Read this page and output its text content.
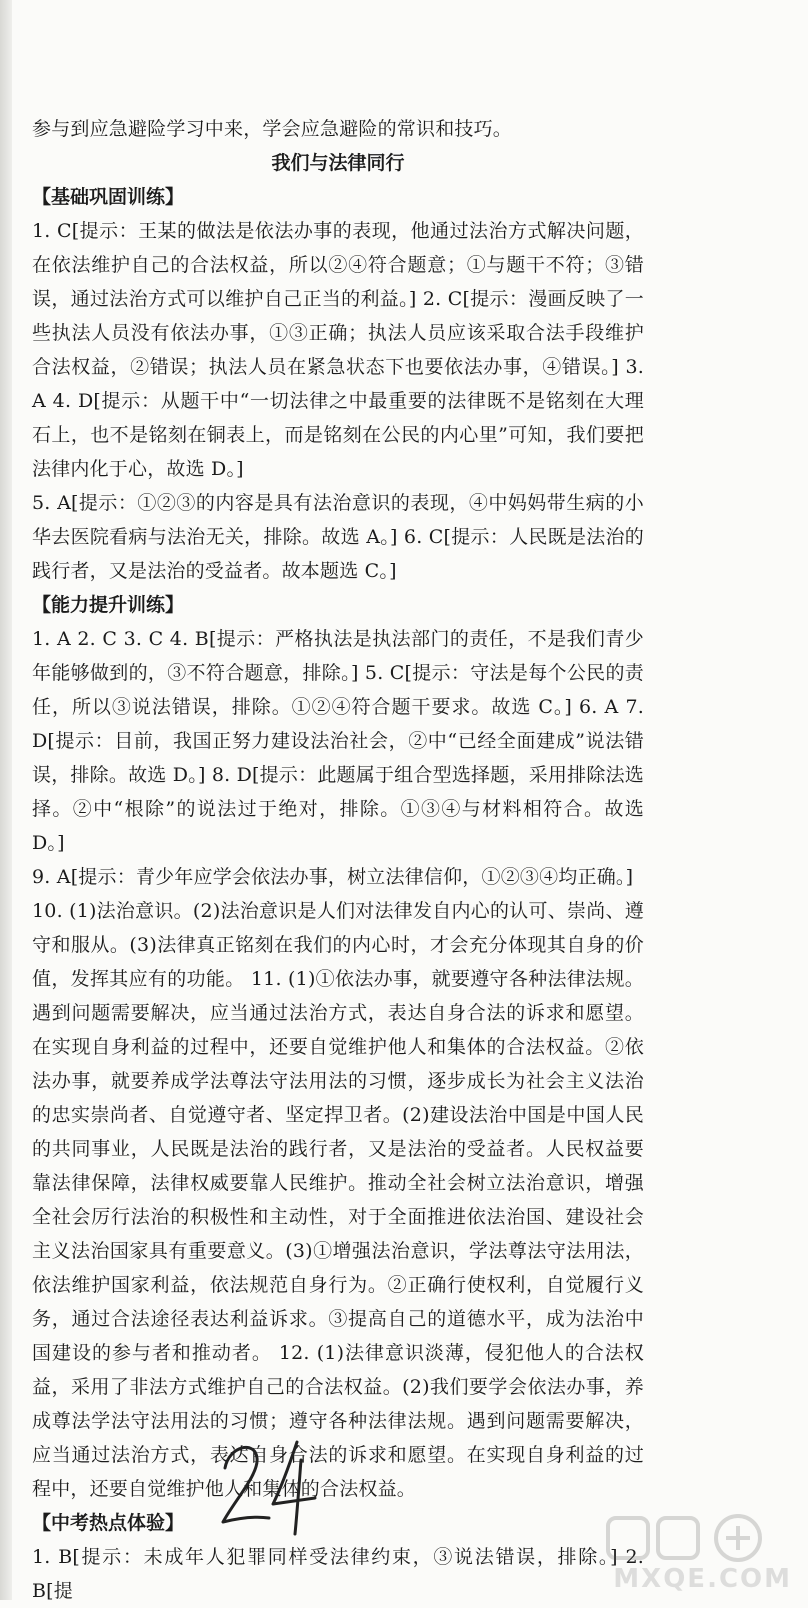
参与到应急避险学习中来，学会应急避险的常识和技巧。

我们与法律同行

【基础巩固训练】

1. C[提示：王某的做法是依法办事的表现，他通过法治方式解决问题，在依法维护自己的合法权益，所以②④符合题意；①与题干不符；③错误，通过法治方式可以维护自己正当的利益。] 2. C[提示：漫画反映了一些执法人员没有依法办事，①③正确；执法人员应该采取合法手段维护合法权益，②错误；执法人员在紧急状态下也要依法办事，④错误。] 3. A 4. D[提示：从题干中“一切法律之中最重要的法律既不是铭刻在大理石上，也不是铭刻在铜表上，而是铭刻在公民的内心里”可知，我们要把法律内化于心，故选 D。]

5. A[提示：①②③的内容是具有法治意识的表现，④中妈妈带生病的小华去医院看病与法治无关，排除。故选 A。] 6. C[提示：人民既是法治的践行者，又是法治的受益者。故本题选 C。]

【能力提升训练】

1. A 2. C 3. C 4. B[提示：严格执法是执法部门的责任，不是我们青少年能够做到的，③不符合题意，排除。] 5. C[提示：守法是每个公民的责任，所以③说法错误，排除。①②④符合题干要求。故选 C。] 6. A 7. D[提示：目前，我国正努力建设法治社会，②中“已经全面建成”说法错误，排除。故选 D。] 8. D[提示：此题属于组合型选择题，采用排除法选择。②中“根除”的说法过于绝对，排除。①③④与材料相符合。故选 D。]

9. A[提示：青少年应学会依法办事，树立法律信仰，①②③④均正确。]

10. (1)法治意识。(2)法治意识是人们对法律发自内心的认可、崇尚、遵守和服从。(3)法律真正铭刻在我们的内心时，才会充分体现其自身的价值，发挥其应有的功能。 11. (1)①依法办事，就要遵守各种法律法规。遇到问题需要解决，应当通过法治方式，表达自身合法的诉求和愿望。在实现自身利益的过程中，还要自觉维护他人和集体的合法权益。②依法办事，就要养成学法尊法守法用法的习惯，逐步成长为社会主义法治的忠实崇尚者、自觉遵守者、坚定捍卫者。(2)建设法治中国是中国人民的共同事业，人民既是法治的践行者，又是法治的受益者。人民权益要靠法律保障，法律权威要靠人民维护。推动全社会树立法治意识，增强全社会厉行法治的积极性和主动性，对于全面推进依法治国、建设社会主义法治国家具有重要意义。(3)①增强法治意识，学法尊法守法用法，依法维护国家利益，依法规范自身行为。②正确行使权利，自觉履行义务，通过合法途径表达利益诉求。③提高自己的道德水平，成为法治中国建设的参与者和推动者。 12. (1)法律意识淡薄，侵犯他人的合法权益，采用了非法方式维护自己的合法权益。(2)我们要学会依法办事，养成尊法学法守法用法的习惯；遵守各种法律法规。遇到问题需要解决，应当通过法治方式，表达自身合法的诉求和愿望。在实现自身利益的过程中，还要自觉维护他人和集体的合法权益。

【中考热点体验】

1. B[提示：未成年人犯罪同样受法律约束，③说法错误，排除。] 2. B[提	MXQE.COM
